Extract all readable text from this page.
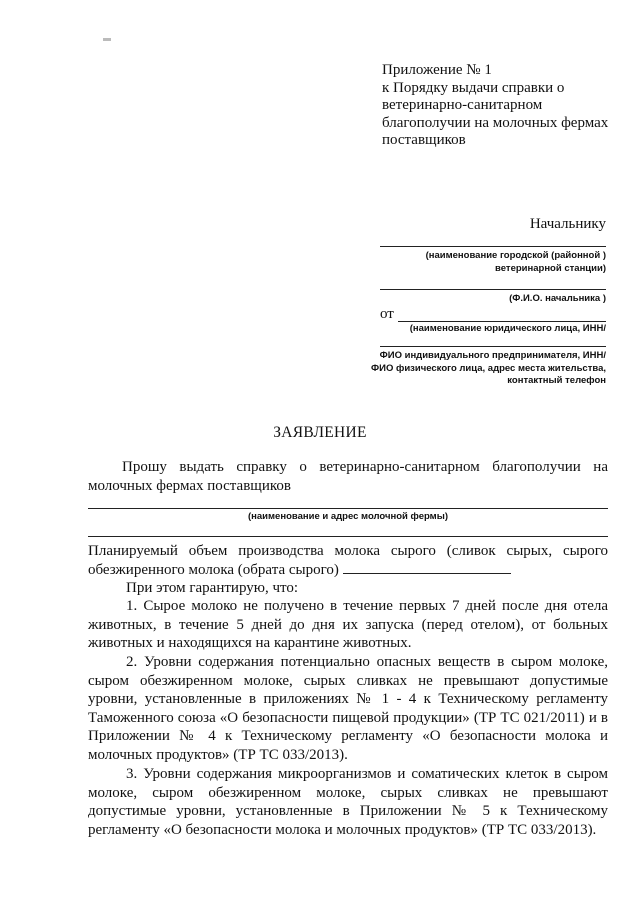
Приложение № 1
к Порядку выдачи справки о
ветеринарно-санитарном
благополучии на молочных фермах
поставщиков
Начальнику
(наименование городской (районной )
ветеринарной станции)
(Ф.И.О. начальника )
от
(наименование юридического лица, ИНН/
ФИО индивидуального предпринимателя, ИНН/
ФИО физического лица, адрес места жительства,
контактный телефон
ЗАЯВЛЕНИЕ
Прошу выдать справку о ветеринарно-санитарном благополучии на молочных фермах поставщиков
(наименование и адрес молочной фермы)
Планируемый объем производства молока сырого (сливок сырых, сырого обезжиренного молока (обрата сырого)
При этом гарантирую, что:
1. Сырое молоко не получено в течение первых 7 дней после дня отела животных, в течение 5 дней до дня их запуска (перед отелом), от больных животных и находящихся на карантине животных.
2. Уровни содержания потенциально опасных веществ в сыром молоке, сыром обезжиренном молоке, сырых сливках не превышают допустимые уровни, установленные в приложениях № 1 - 4 к Техническому регламенту Таможенного союза «О безопасности пищевой продукции» (ТР ТС 021/2011) и в Приложении № 4 к Техническому регламенту «О безопасности молока и молочных продуктов» (ТР ТС 033/2013).
3. Уровни содержания микроорганизмов и соматических клеток в сыром молоке, сыром обезжиренном молоке, сырых сливках не превышают допустимые уровни, установленные в Приложении № 5 к Техническому регламенту «О безопасности молока и молочных продуктов» (ТР ТС 033/2013).
